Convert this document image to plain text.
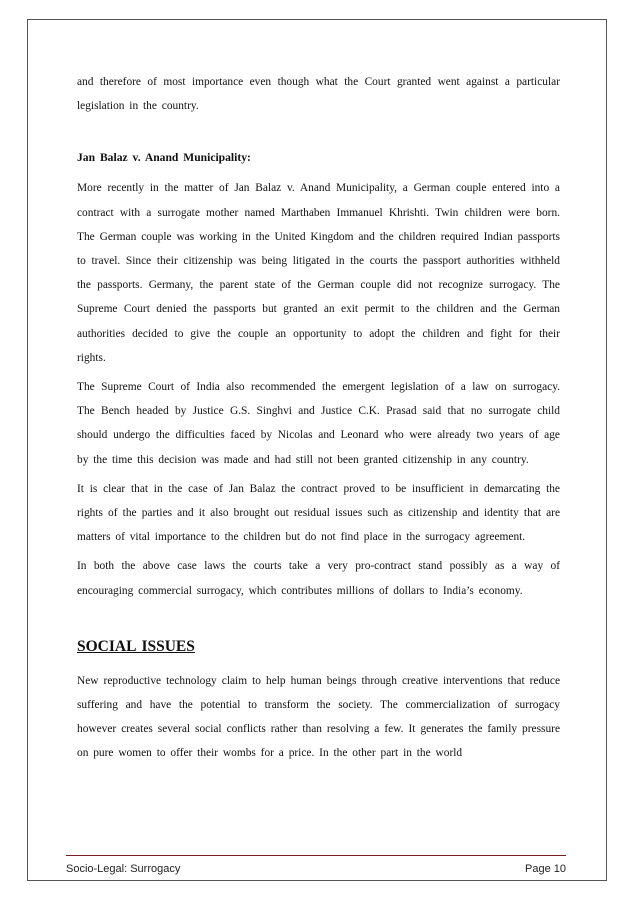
and therefore of most importance even though what the Court granted went against a particular legislation in the country.

Jan Balaz v. Anand Municipality:

More recently in the matter of Jan Balaz v. Anand Municipality, a German couple entered into a contract with a surrogate mother named Marthaben Immanuel Khrishti. Twin children were born. The German couple was working in the United Kingdom and the children required Indian passports to travel. Since their citizenship was being litigated in the courts the passport authorities withheld the passports. Germany, the parent state of the German couple did not recognize surrogacy. The Supreme Court denied the passports but granted an exit permit to the children and the German authorities decided to give the couple an opportunity to adopt the children and fight for their rights.

The Supreme Court of India also recommended the emergent legislation of a law on surrogacy. The Bench headed by Justice G.S. Singhvi and Justice C.K. Prasad said that no surrogate child should undergo the difficulties faced by Nicolas and Leonard who were already two years of age by the time this decision was made and had still not been granted citizenship in any country.

It is clear that in the case of Jan Balaz the contract proved to be insufficient in demarcating the rights of the parties and it also brought out residual issues such as citizenship and identity that are matters of vital importance to the children but do not find place in the surrogacy agreement.

In both the above case laws the courts take a very pro-contract stand possibly as a way of encouraging commercial surrogacy, which contributes millions of dollars to India’s economy.

SOCIAL ISSUES

New reproductive technology claim to help human beings through creative interventions that reduce suffering and have the potential to transform the society. The commercialization of surrogacy however creates several social conflicts rather than resolving a few. It generates the family pressure on pure women to offer their wombs for a price. In the other part in the world

Socio-Legal: Surrogacy	Page 10
